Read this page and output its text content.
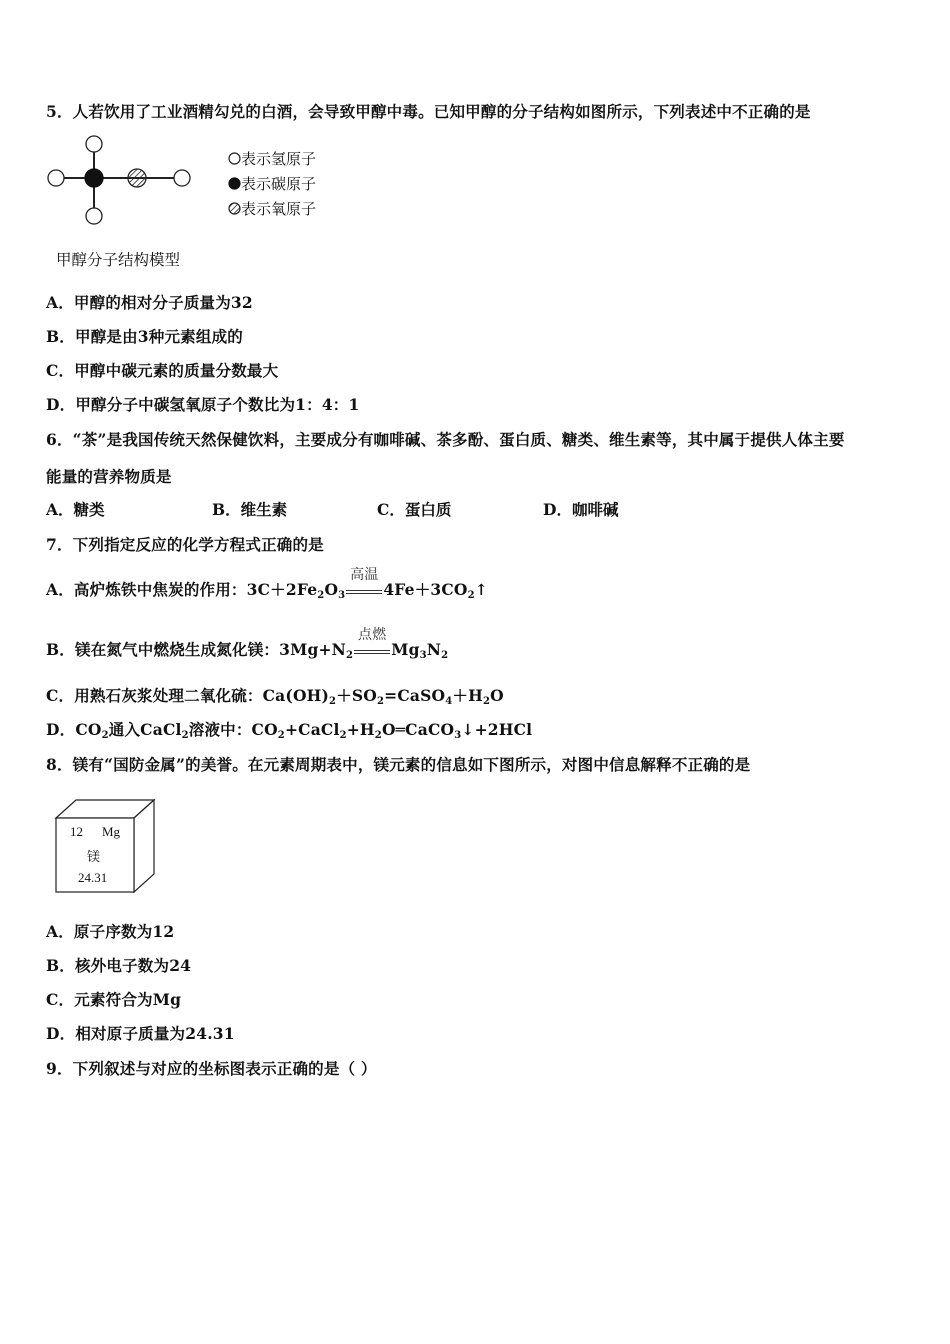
5．人若饮用了工业酒精勾兑的白酒，会导致甲醇中毒。已知甲醇的分子结构如图所示，下列表述中不正确的是
表示氢原子
表示碳原子
表示氧原子
甲醇分子结构模型
A．甲醇的相对分子质量为32
B．甲醇是由3种元素组成的
C．甲醇中碳元素的质量分数最大
D．甲醇分子中碳氢氧原子个数比为1：4：1
6．“茶”是我国传统天然保健饮料，主要成分有咖啡碱、茶多酚、蛋白质、糖类、维生素等，其中属于提供人体主要
能量的营养物质是
A．糖类	B．维生素	C．蛋白质	D．咖啡碱
7．下列指定反应的化学方程式正确的是
A．高炉炼铁中焦炭的作用：$3C+2Fe_2O_3$
高温
$4Fe+3CO_2↑$
B．镁在氮气中燃烧生成氮化镁：$3Mg+N_2$
点燃
$Mg_3N_2$
C．用熟石灰浆处理二氧化硫：$Ca(OH)_2+SO_2=CaSO_4+H_2O$
D．$CO_2$通入CaCl$_2$溶液中：$CO_2+CaCl_2+H_2O═CaCO_3↓+2HCl$
8．镁有“国防金属”的美誉。在元素周期表中，镁元素的信息如下图所示，对图中信息解释不正确的是
12 Mg
镁
24.31
A．原子序数为12
B．核外电子数为24
C．元素符合为Mg
D．相对原子质量为24.31
9．下列叙述与对应的坐标图表示正确的是（ ）
